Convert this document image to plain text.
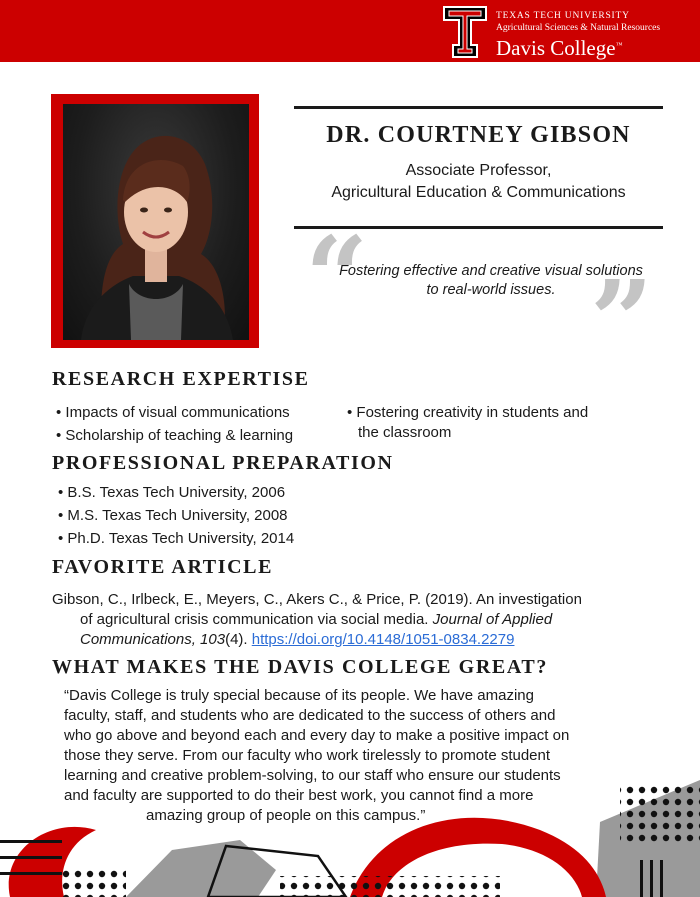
TEXAS TECH UNIVERSITY
Agricultural Sciences & Natural Resources
Davis College™
DR. COURTNEY GIBSON
Associate Professor,
Agricultural Education & Communications
“
Fostering effective and creative visual solutions to real-world issues. ”
RESEARCH EXPERTISE
• Impacts of visual communications
• Scholarship of teaching & learning
• Fostering creativity in students and
the classroom
PROFESSIONAL PREPARATION
• B.S. Texas Tech University, 2006
• M.S. Texas Tech University, 2008
• Ph.D. Texas Tech University, 2014
FAVORITE ARTICLE
Gibson, C., Irlbeck, E., Meyers, C., Akers C., & Price, P. (2019). An investigation
of agricultural crisis communication via social media. Journal of Applied
Communications, 103(4). https://doi.org/10.4148/1051-0834.2279
WHAT MAKES THE DAVIS COLLEGE GREAT?
“Davis College is truly special because of its people. We have amazing
faculty, staff, and students who are dedicated to the success of others and
who go above and beyond each and every day to make a positive impact on
those they serve. From our faculty who work tirelessly to promote student
learning and creative problem-solving, to our staff who ensure our students
and faculty are supported to do their best work, you cannot find a more
amazing group of people on this campus.”
